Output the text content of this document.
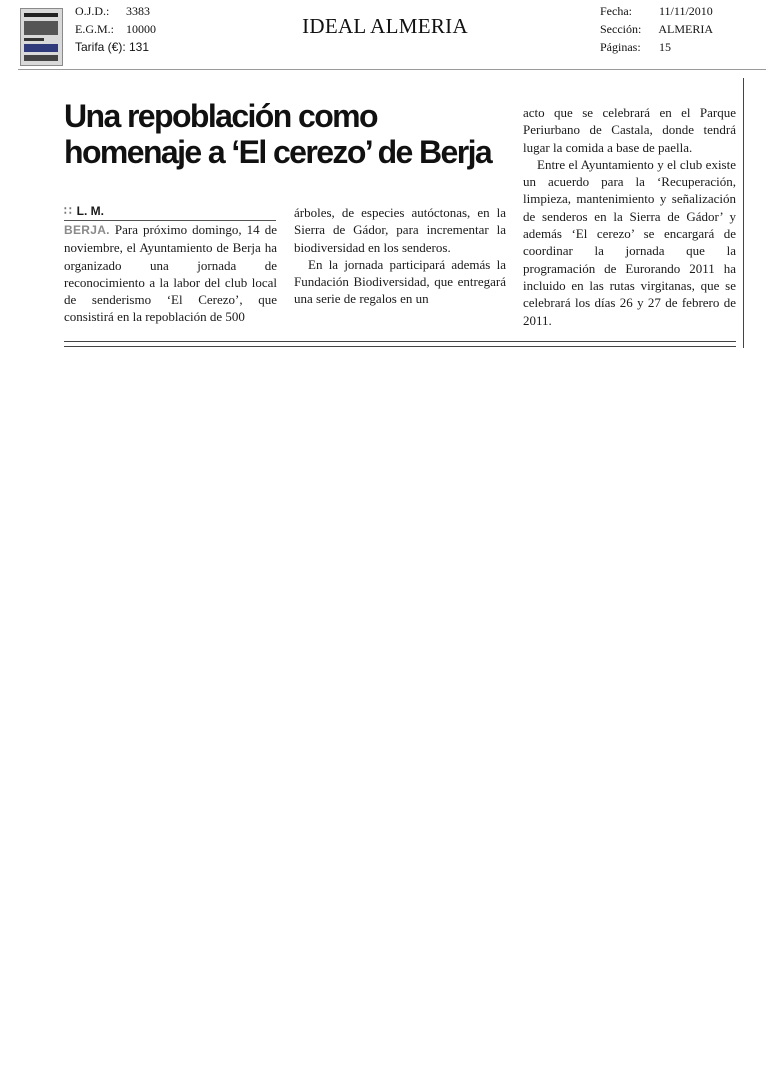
O.J.D.: 3383
E.G.M.: 10000
Tarifa (€): 131
IDEAL ALMERIA
Fecha: 11/11/2010
Sección: ALMERIA
Páginas: 15
Una repoblación como homenaje a ‘El cerezo’ de Berja
∷ L. M.

BERJA. Para próximo domingo, 14 de noviembre, el Ayuntamiento de Berja ha organizado una jornada de reconocimiento a la labor del club local de senderismo ‘El Cerezo’, que consistirá en la repoblación de 500

árboles, de especies autóctonas, en la Sierra de Gádor, para incrementar la biodiversidad en los senderos.

En la jornada participará además la Fundación Biodiversidad, que entregará una serie de regalos en un

acto que se celebrará en el Parque Periurbano de Castala, donde tendrá lugar la comida a base de paella.

Entre el Ayuntamiento y el club existe un acuerdo para la ‘Recuperación, limpieza, mantenimiento y señalización de senderos en la Sierra de Gádor’ y además ‘El cerezo’ se encargará de coordinar la jornada que la programación de Eurorando 2011 ha incluido en las rutas virgitanas, que se celebrará los días 26 y 27 de febrero de 2011.
